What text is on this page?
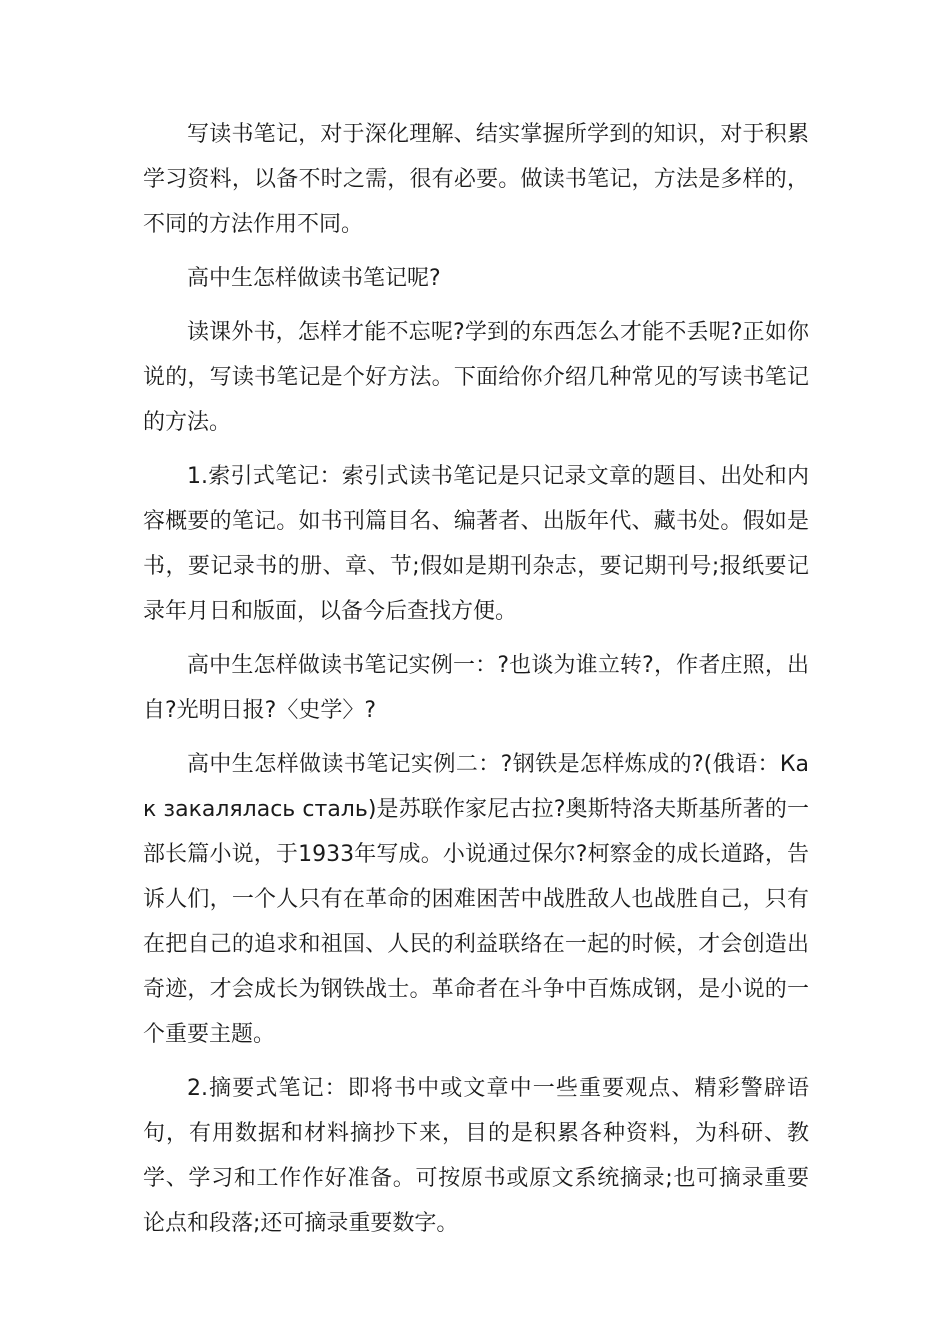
写读书笔记，对于深化理解、结实掌握所学到的知识，对于积累学习资料，以备不时之需，很有必要。做读书笔记，方法是多样的，不同的方法作用不同。

高中生怎样做读书笔记呢?

读课外书，怎样才能不忘呢?学到的东西怎么才能不丢呢?正如你说的，写读书笔记是个好方法。下面给你介绍几种常见的写读书笔记的方法。

1.索引式笔记：索引式读书笔记是只记录文章的题目、出处和内容概要的笔记。如书刊篇目名、编著者、出版年代、藏书处。假如是书，要记录书的册、章、节;假如是期刊杂志，要记期刊号;报纸要记录年月日和版面，以备今后查找方便。

高中生怎样做读书笔记实例一：?也谈为谁立转?，作者庄照，出自?光明日报?〈史学〉?

高中生怎样做读书笔记实例二：?钢铁是怎样炼成的?(俄语：Как закалялась сталь)是苏联作家尼古拉?奥斯特洛夫斯基所著的一部长篇小说，于1933年写成。小说通过保尔?柯察金的成长道路，告诉人们，一个人只有在革命的困难困苦中战胜敌人也战胜自己，只有在把自己的追求和祖国、人民的利益联络在一起的时候，才会创造出奇迹，才会成长为钢铁战士。革命者在斗争中百炼成钢，是小说的一个重要主题。

2.摘要式笔记：即将书中或文章中一些重要观点、精彩警辟语句，有用数据和材料摘抄下来，目的是积累各种资料，为科研、教学、学习和工作作好准备。可按原书或原文系统摘录;也可摘录重要论点和段落;还可摘录重要数字。
